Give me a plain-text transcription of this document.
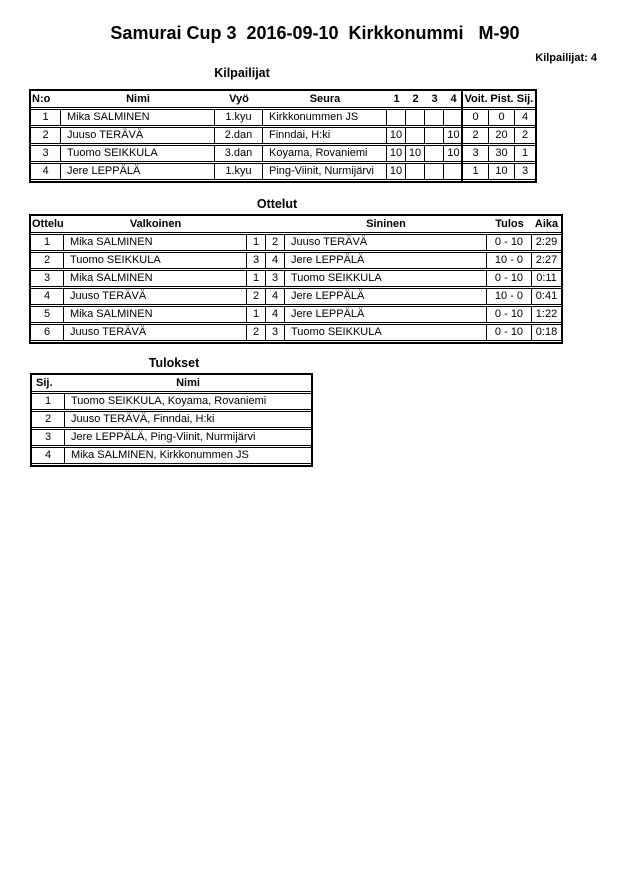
Samurai Cup 3  2016-09-10  Kirkkonummi   M-90
Kilpailijat: 4
Kilpailijat
N:o	Nimi	Vyö	Seura	1	2	3	4	Voit.	Pist.	Sij.
1	Mika SALMINEN	1.kyu	Kirkkonummen JS					0	0	4
2	Juuso TERÄVÄ	2.dan	Finndai, H:ki	10			10	2	20	2
3	Tuomo SEIKKULA	3.dan	Koyama, Rovaniemi	10	10		10	3	30	1
4	Jere LEPPÄLÄ	1.kyu	Ping-Viinit, Nurmijärvi	10				1	10	3
Ottelut
Ottelu	Valkoinen			Sininen	Tulos	Aika
1	Mika SALMINEN	1	2	Juuso TERÄVÄ	0 - 10	2:29
2	Tuomo SEIKKULA	3	4	Jere LEPPÄLÄ	10 - 0	2:27
3	Mika SALMINEN	1	3	Tuomo SEIKKULA	0 - 10	0:11
4	Juuso TERÄVÄ	2	4	Jere LEPPÄLÄ	10 - 0	0:41
5	Mika SALMINEN	1	4	Jere LEPPÄLÄ	0 - 10	1:22
6	Juuso TERÄVÄ	2	3	Tuomo SEIKKULA	0 - 10	0:18
Tulokset
Sij.	Nimi
1	Tuomo SEIKKULA, Koyama, Rovaniemi
2	Juuso TERÄVÄ, Finndai, H:ki
3	Jere LEPPÄLÄ, Ping-Viinit, Nurmijärvi
4	Mika SALMINEN, Kirkkonummen JS
